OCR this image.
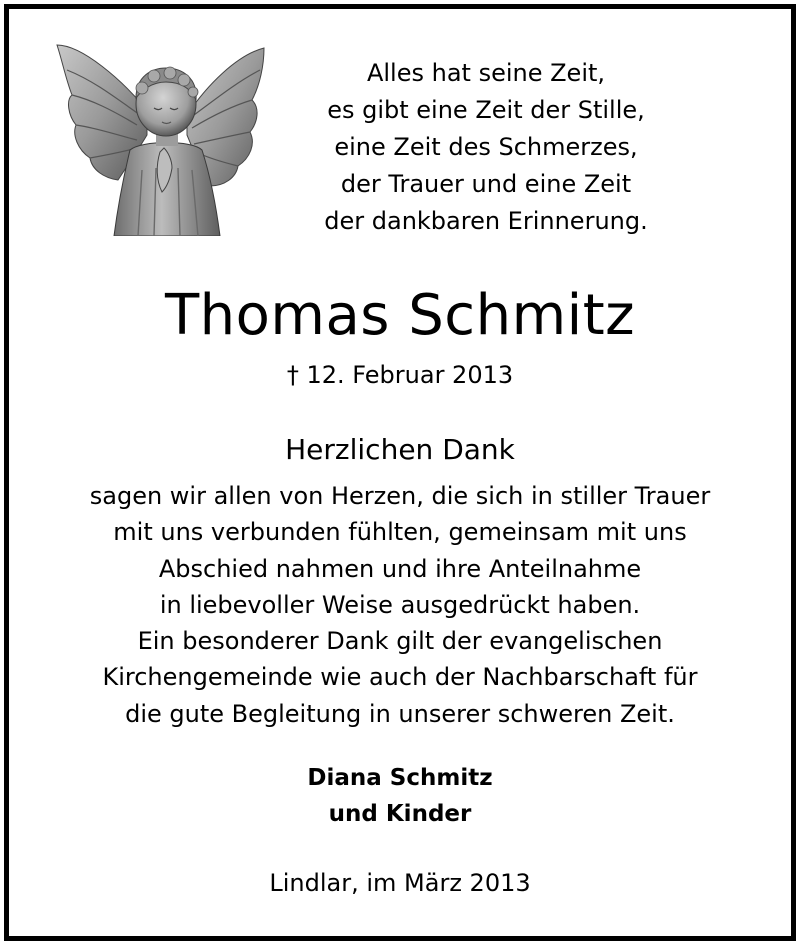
Alles hat seine Zeit,
es gibt eine Zeit der Stille,
eine Zeit des Schmerzes,
der Trauer und eine Zeit
der dankbaren Erinnerung.
Thomas Schmitz
† 12. Februar 2013
Herzlichen Dank
sagen wir allen von Herzen, die sich in stiller Trauer
mit uns verbunden fühlten, gemeinsam mit uns
Abschied nahmen und ihre Anteilnahme
in liebevoller Weise ausgedrückt haben.
Ein besonderer Dank gilt der evangelischen
Kirchengemeinde wie auch der Nachbarschaft für
die gute Begleitung in unserer schweren Zeit.
Diana Schmitz
und Kinder
Lindlar, im März 2013
